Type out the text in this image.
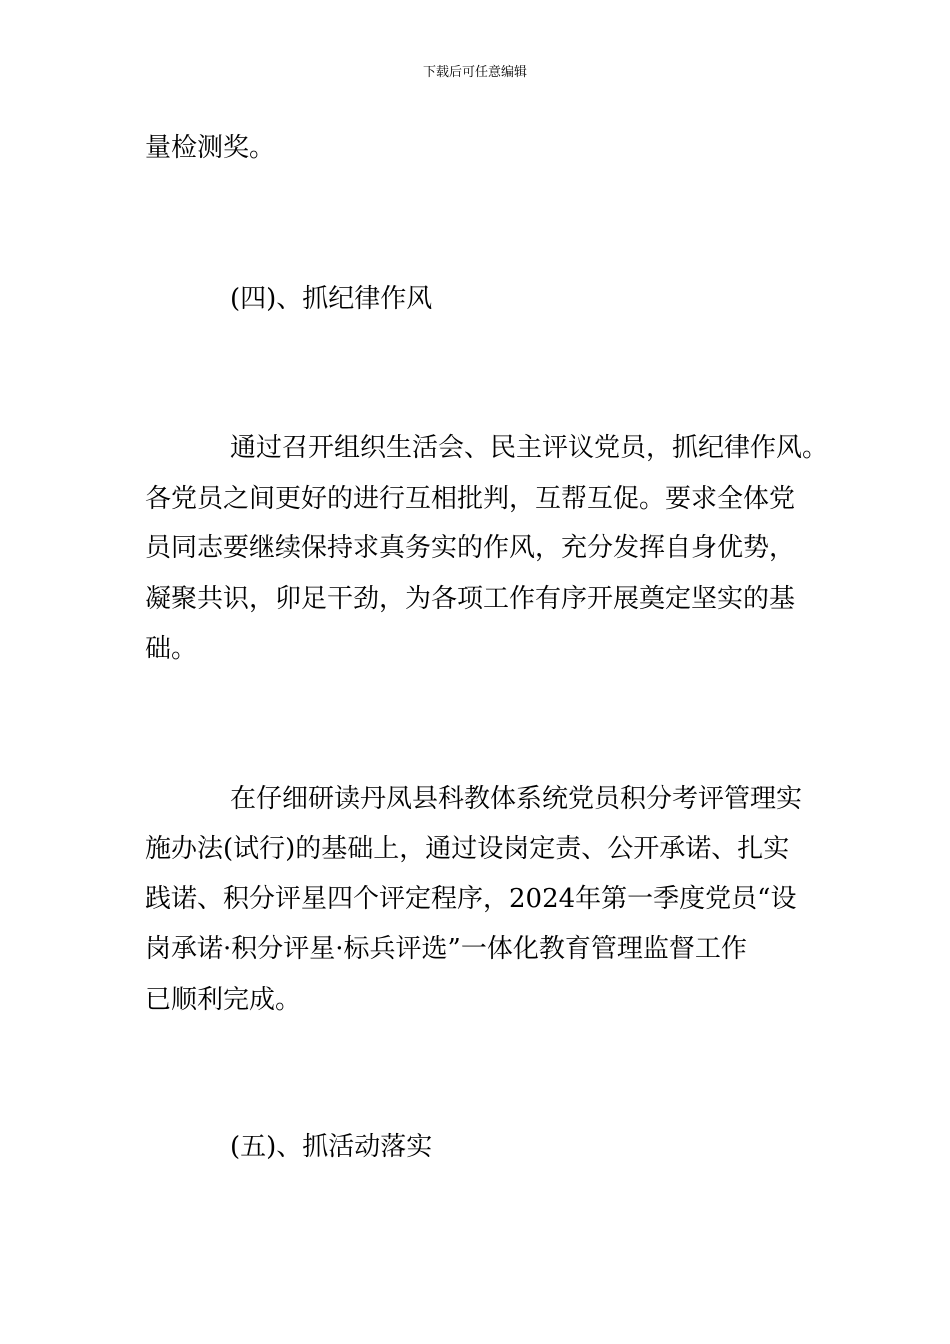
下载后可任意编辑
量检测奖。
(四)、抓纪律作风
通过召开组织生活会、民主评议党员，抓纪律作风。
各党员之间更好的进行互相批判，互帮互促。要求全体党
员同志要继续保持求真务实的作风，充分发挥自身优势，
凝聚共识，卯足干劲，为各项工作有序开展奠定坚实的基
础。
在仔细研读丹凤县科教体系统党员积分考评管理实
施办法(试行)的基础上，通过设岗定责、公开承诺、扎实
践诺、积分评星四个评定程序，2024年第一季度党员“设
岗承诺·积分评星·标兵评选”一体化教育管理监督工作
已顺利完成。
(五)、抓活动落实
